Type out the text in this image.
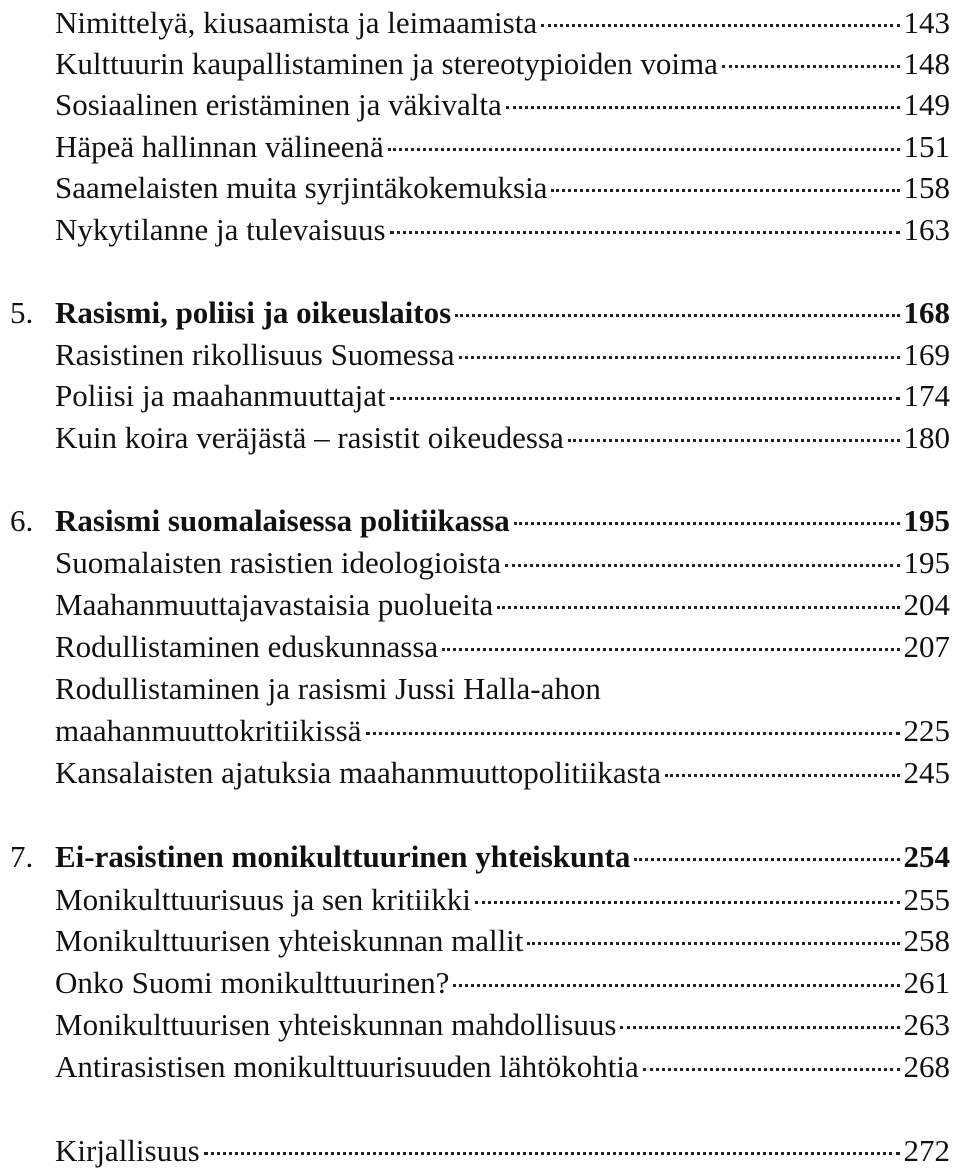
Nimittelyä, kiusaamista ja leimaamista	143
Kulttuurin kaupallistaminen ja stereotypioiden voima	148
Sosiaalinen eristäminen ja väkivalta	149
Häpeä hallinnan välineenä	151
Saamelaisten muita syrjintäkokemuksia	158
Nykytilanne ja tulevaisuus	163
5. Rasismi, poliisi ja oikeuslaitos	168
Rasistinen rikollisuus Suomessa	169
Poliisi ja maahanmuuttajat	174
Kuin koira veräjästä – rasistit oikeudessa	180
6. Rasismi suomalaisessa politiikassa	195
Suomalaisten rasistien ideologioista	195
Maahanmuuttajavastaisia puolueita	204
Rodullistaminen eduskunnassa	207
Rodullistaminen ja rasismi Jussi Halla-ahon
maahanmuuttokritiikissä	225
Kansalaisten ajatuksia maahanmuuttopolitiikasta	245
7. Ei-rasistinen monikulttuurinen yhteiskunta	254
Monikulttuurisuus ja sen kritiikki	255
Monikulttuurisen yhteiskunnan mallit	258
Onko Suomi monikulttuurinen?	261
Monikulttuurisen yhteiskunnan mahdollisuus	263
Antirasistisen monikulttuurisuuden lähtökohtia	268
Kirjallisuus	272
